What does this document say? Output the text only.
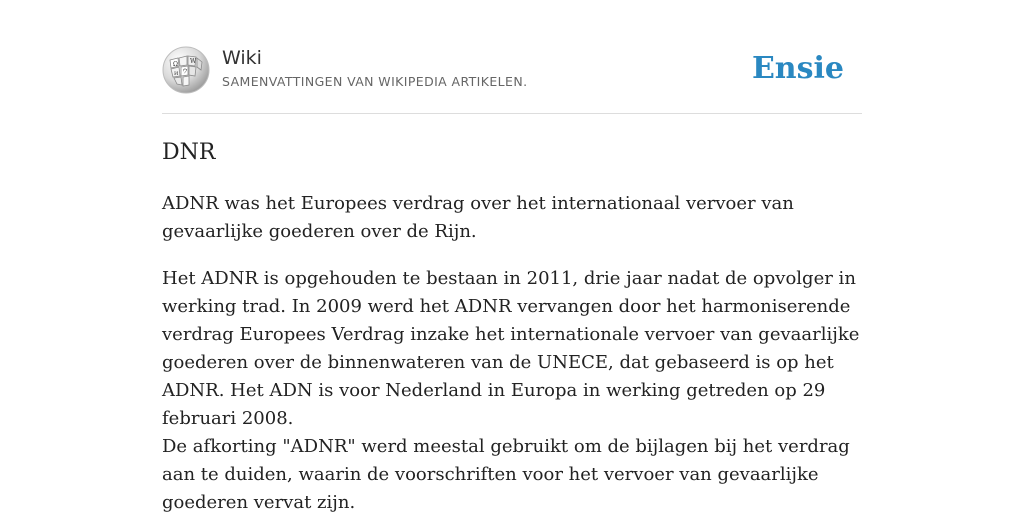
Ω W
ウ
И
Wiki
SAMENVATTINGEN VAN WIKIPEDIA ARTIKELEN.	Ensie
DNR

ADNR was het Europees verdrag over het internationaal vervoer van gevaarlijke goederen over de Rijn.

Het ADNR is opgehouden te bestaan in 2011, drie jaar nadat de opvolger in werking trad. In 2009 werd het ADNR vervangen door het harmoniserende verdrag Europees Verdrag inzake het internationale vervoer van gevaarlijke goederen over de binnenwateren van de UNECE, dat gebaseerd is op het ADNR. Het ADN is voor Nederland in Europa in werking getreden op 29 februari 2008.

De afkorting "ADNR" werd meestal gebruikt om de bijlagen bij het verdrag aan te duiden, waarin de voorschriften voor het vervoer van gevaarlijke goederen vervat zijn.
